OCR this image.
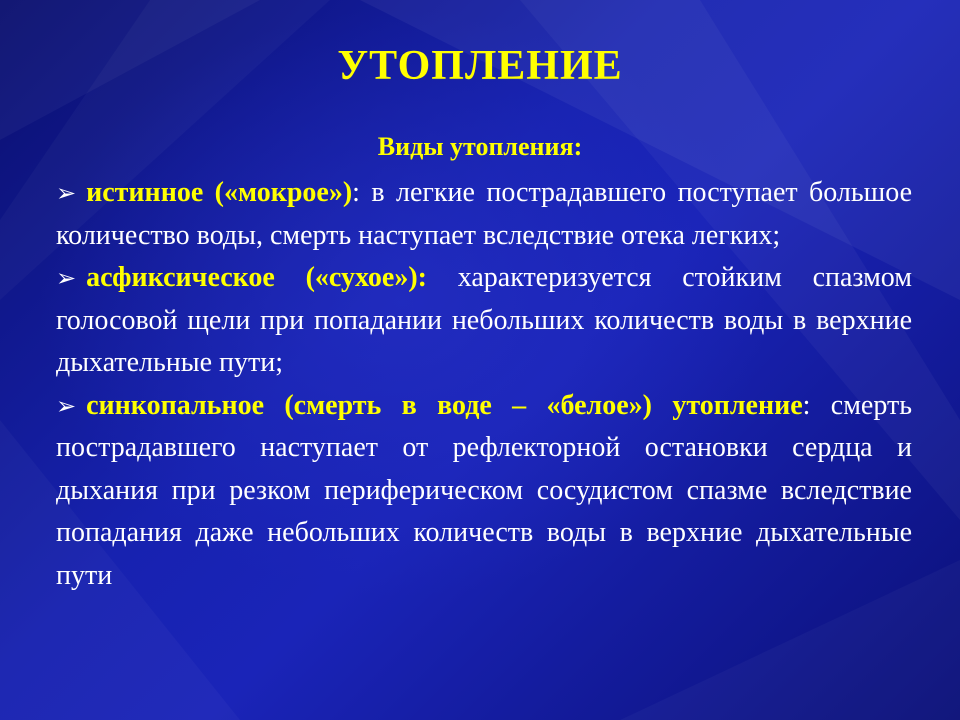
УТОПЛЕНИЕ
Виды утопления:

➢ истинное («мокрое»): в легкие пострадавшего поступает большое количество воды, смерть наступает вследствие отека легких;

➢ асфиксическое («сухое»): характеризуется стойким спазмом голосовой щели при попадании небольших количеств воды в верхние дыхательные пути;

➢ синкопальное (смерть в воде – «белое») утопление: смерть пострадавшего наступает от рефлекторной остановки сердца и дыхания при резком периферическом сосудистом спазме вследствие попадания даже небольших количеств воды в верхние дыхательные пути
